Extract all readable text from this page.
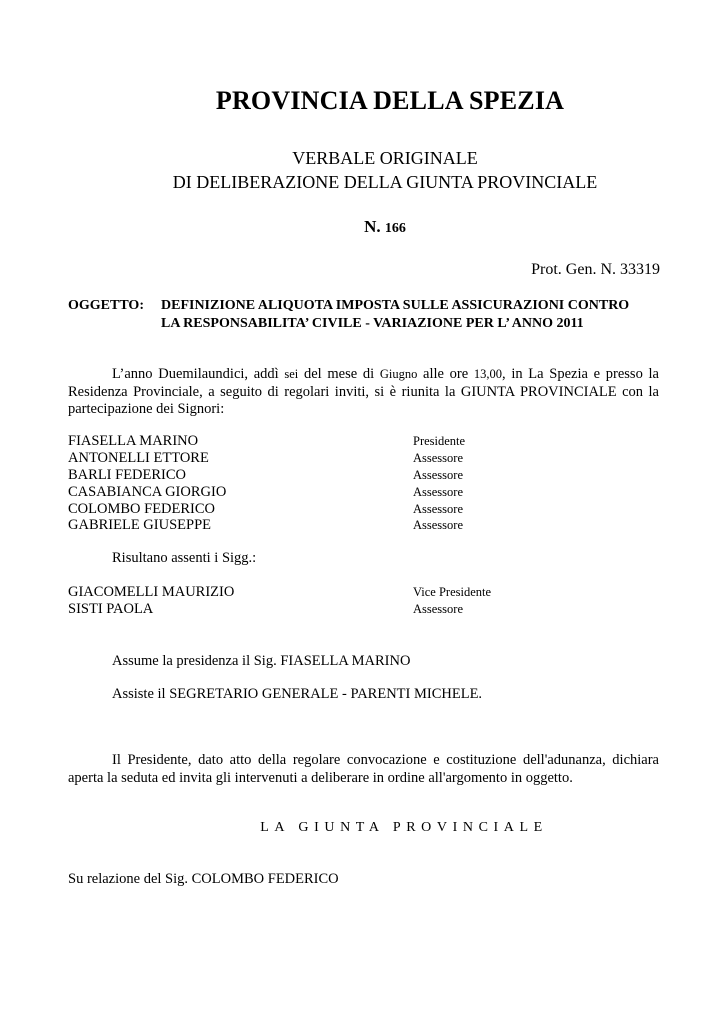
PROVINCIA DELLA SPEZIA
VERBALE ORIGINALE
DI DELIBERAZIONE DELLA GIUNTA PROVINCIALE
N. 166
Prot. Gen. N. 33319
OGGETTO: DEFINIZIONE ALIQUOTA IMPOSTA SULLE ASSICURAZIONI CONTRO
LA RESPONSABILITA’ CIVILE - VARIAZIONE PER L’ ANNO 2011
L’anno Duemilaundici, addì sei del mese di Giugno alle ore 13,00, in La Spezia e presso la
Residenza Provinciale, a seguito di regolari inviti, si è riunita la GIUNTA PROVINCIALE con la
partecipazione dei Signori:
FIASELLA MARINO	Presidente
ANTONELLI ETTORE	Assessore
BARLI FEDERICO	Assessore
CASABIANCA GIORGIO	Assessore
COLOMBO FEDERICO	Assessore
GABRIELE GIUSEPPE	Assessore
Risultano assenti i Sigg.:
GIACOMELLI MAURIZIO	Vice Presidente
SISTI PAOLA	Assessore
Assume la presidenza il Sig. FIASELLA MARINO
Assiste il SEGRETARIO GENERALE - PARENTI MICHELE.
Il Presidente, dato atto della regolare convocazione e costituzione dell'adunanza, dichiara
aperta la seduta ed invita gli intervenuti a deliberare in ordine all'argomento in oggetto.
LA GIUNTA PROVINCIALE
Su relazione del Sig. COLOMBO FEDERICO
